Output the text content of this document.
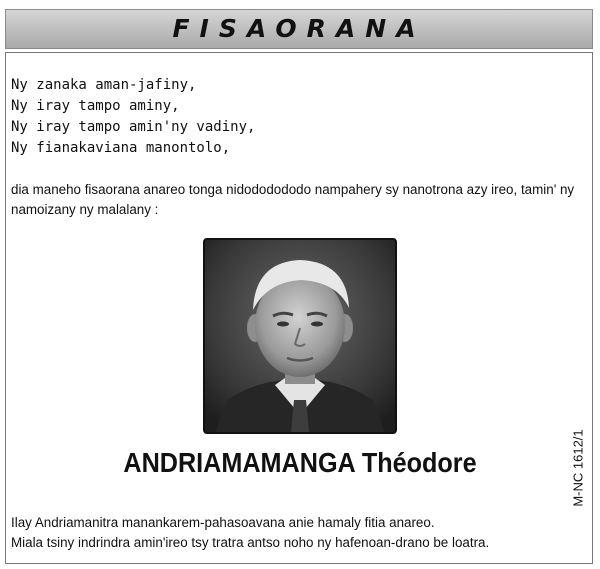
FISAORANA
Ny zanaka aman-jafiny,
Ny iray tampo aminy,
Ny iray tampo amin'ny vadiny,
Ny fianakaviana manontolo,
dia maneho fisaorana anareo tonga nidododododo nampahery sy nanotrona azy ireo, tamin' ny namoizany ny malalany :
ANDRIAMAMANGA Théodore	M-NC 1612/1
Ilay Andriamanitra manankarem-pahasoavana anie hamaly fitia anareo.
Miala tsiny indrindra amin'ireo tsy tratra antso noho ny hafenoan-drano be loatra.
